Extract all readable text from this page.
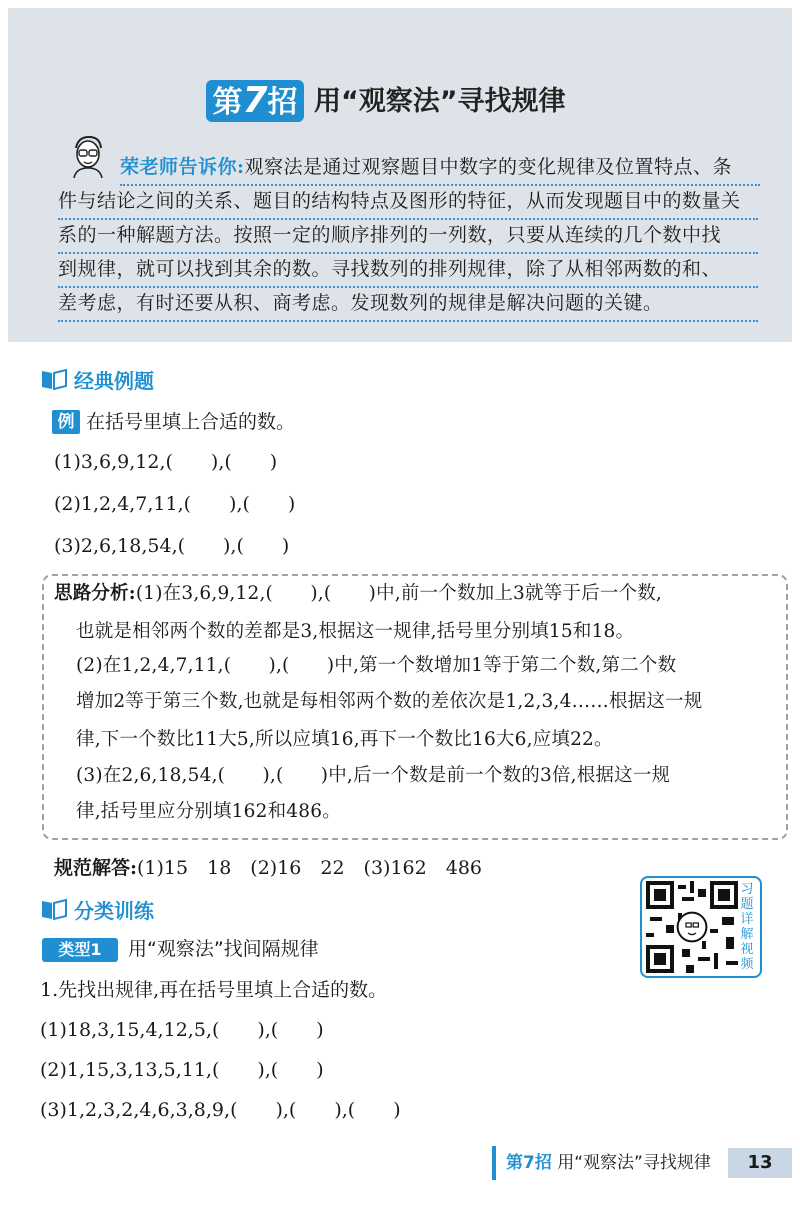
第7招 用“观察法”寻找规律
荣老师告诉你:观察法是通过观察题目中数字的变化规律及位置特点、条
件与结论之间的关系、题目的结构特点及图形的特征，从而发现题目中的数量关
系的一种解题方法。按照一定的顺序排列的一列数，只要从连续的几个数中找
到规律，就可以找到其余的数。寻找数列的排列规律，除了从相邻两数的和、
差考虑，有时还要从积、商考虑。发现数列的规律是解决问题的关键。
经典例题
例 在括号里填上合适的数。
(1)3,6,9,12,(　　),(　　)
(2)1,2,4,7,11,(　　),(　　)
(3)2,6,18,54,(　　),(　　)
思路分析:(1)在3,6,9,12,(　　),(　　)中,前一个数加上3就等于后一个数,
也就是相邻两个数的差都是3,根据这一规律,括号里分别填15和18。
(2)在1,2,4,7,11,(　　),(　　)中,第一个数增加1等于第二个数,第二个数
增加2等于第三个数,也就是每相邻两个数的差依次是1,2,3,4……根据这一规
律,下一个数比11大5,所以应填16,再下一个数比16大6,应填22。
(3)在2,6,18,54,(　　),(　　)中,后一个数是前一个数的3倍,根据这一规
律,括号里应分别填162和486。
规范解答:(1)15　18　(2)16　22　(3)162　486
分类训练
习题详解视频
类型1	用“观察法”找间隔规律
1.先找出规律,再在括号里填上合适的数。
(1)18,3,15,4,12,5,(　　),(　　)
(2)1,15,3,13,5,11,(　　),(　　)
(3)1,2,3,2,4,6,3,8,9,(　　),(　　),(　　)
第7招 用“观察法”寻找规律	13
